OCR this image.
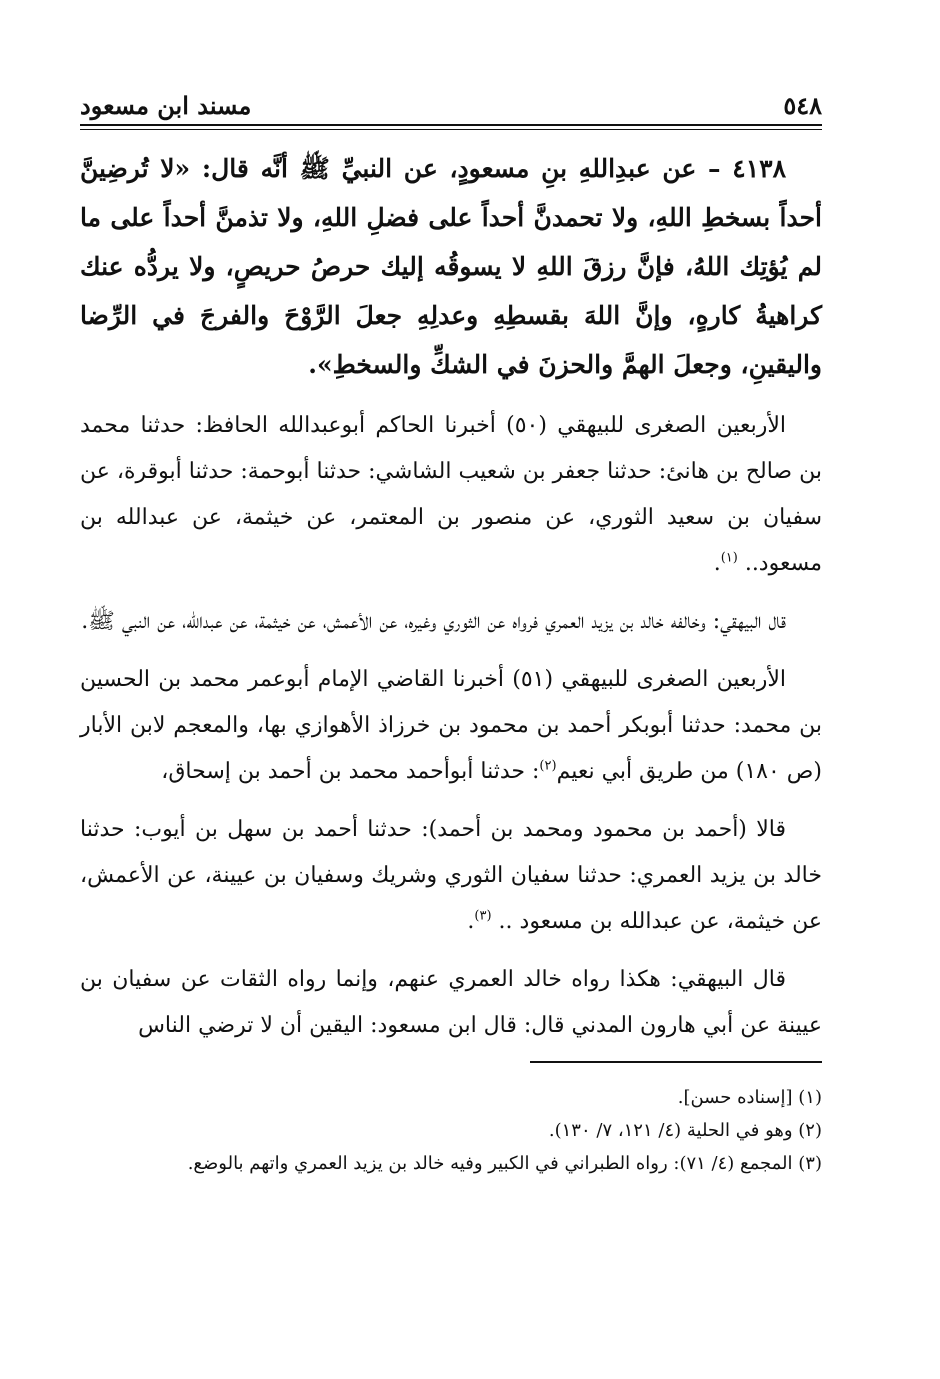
٥٤٨
مسند ابن مسعود

٤١٣٨ – عن عبدِاللهِ بنِ مسعودٍ، عن النبيِّ ﷺ أنَّه قال: «لا تُرضِينَّ أحداً بسخطِ اللهِ، ولا تحمدنَّ أحداً على فضلِ اللهِ، ولا تذمنَّ أحداً على ما لم يُؤتِك اللهُ، فإنَّ رزقَ اللهِ لا يسوقُه إليك حرصُ حريصٍ، ولا يردُّه عنك كراهيةُ كارهٍ، وإنَّ اللهَ بقسطِهِ وعدلِهِ جعلَ الرَّوْحَ والفرجَ في الرِّضا واليقينِ، وجعلَ الهمَّ والحزنَ في الشكِّ والسخطِ».

الأربعين الصغرى للبيهقي (٥٠) أخبرنا الحاكم أبوعبدالله الحافظ: حدثنا محمد بن صالح بن هانئ: حدثنا جعفر بن شعيب الشاشي: حدثنا أبوحمة: حدثنا أبوقرة، عن سفيان بن سعيد الثوري، عن منصور بن المعتمر، عن خيثمة، عن عبدالله بن مسعود.. $^{(١)}$.

قال البيهقي: وخالفه خالد بن يزيد العمري فرواه عن الثوري وغيره، عن الأعمش، عن خيثمة، عن عبدالله، عن النبي ﷺ.

الأربعين الصغرى للبيهقي (٥١) أخبرنا القاضي الإمام أبوعمر محمد بن الحسين بن محمد: حدثنا أبوبكر أحمد بن محمود بن خرزاذ الأهوازي بها، والمعجم لابن الأبار (ص ١٨٠) من طريق أبي نعيم$^{(٢)}$: حدثنا أبوأحمد محمد بن أحمد بن إسحاق،

قالا (أحمد بن محمود ومحمد بن أحمد): حدثنا أحمد بن سهل بن أيوب: حدثنا خالد بن يزيد العمري: حدثنا سفيان الثوري وشريك وسفيان بن عيينة، عن الأعمش، عن خيثمة، عن عبدالله بن مسعود .. $^{(٣)}$.

قال البيهقي: هكذا رواه خالد العمري عنهم، وإنما رواه الثقات عن سفيان بن عيينة عن أبي هارون المدني قال: قال ابن مسعود: اليقين أن لا ترضي الناس

(١) [إسناده حسن].
(٢) وهو في الحلية (٤/ ١٢١، ٧/ ١٣٠).
(٣) المجمع (٤/ ٧١): رواه الطبراني في الكبير وفيه خالد بن يزيد العمري واتهم بالوضع.
